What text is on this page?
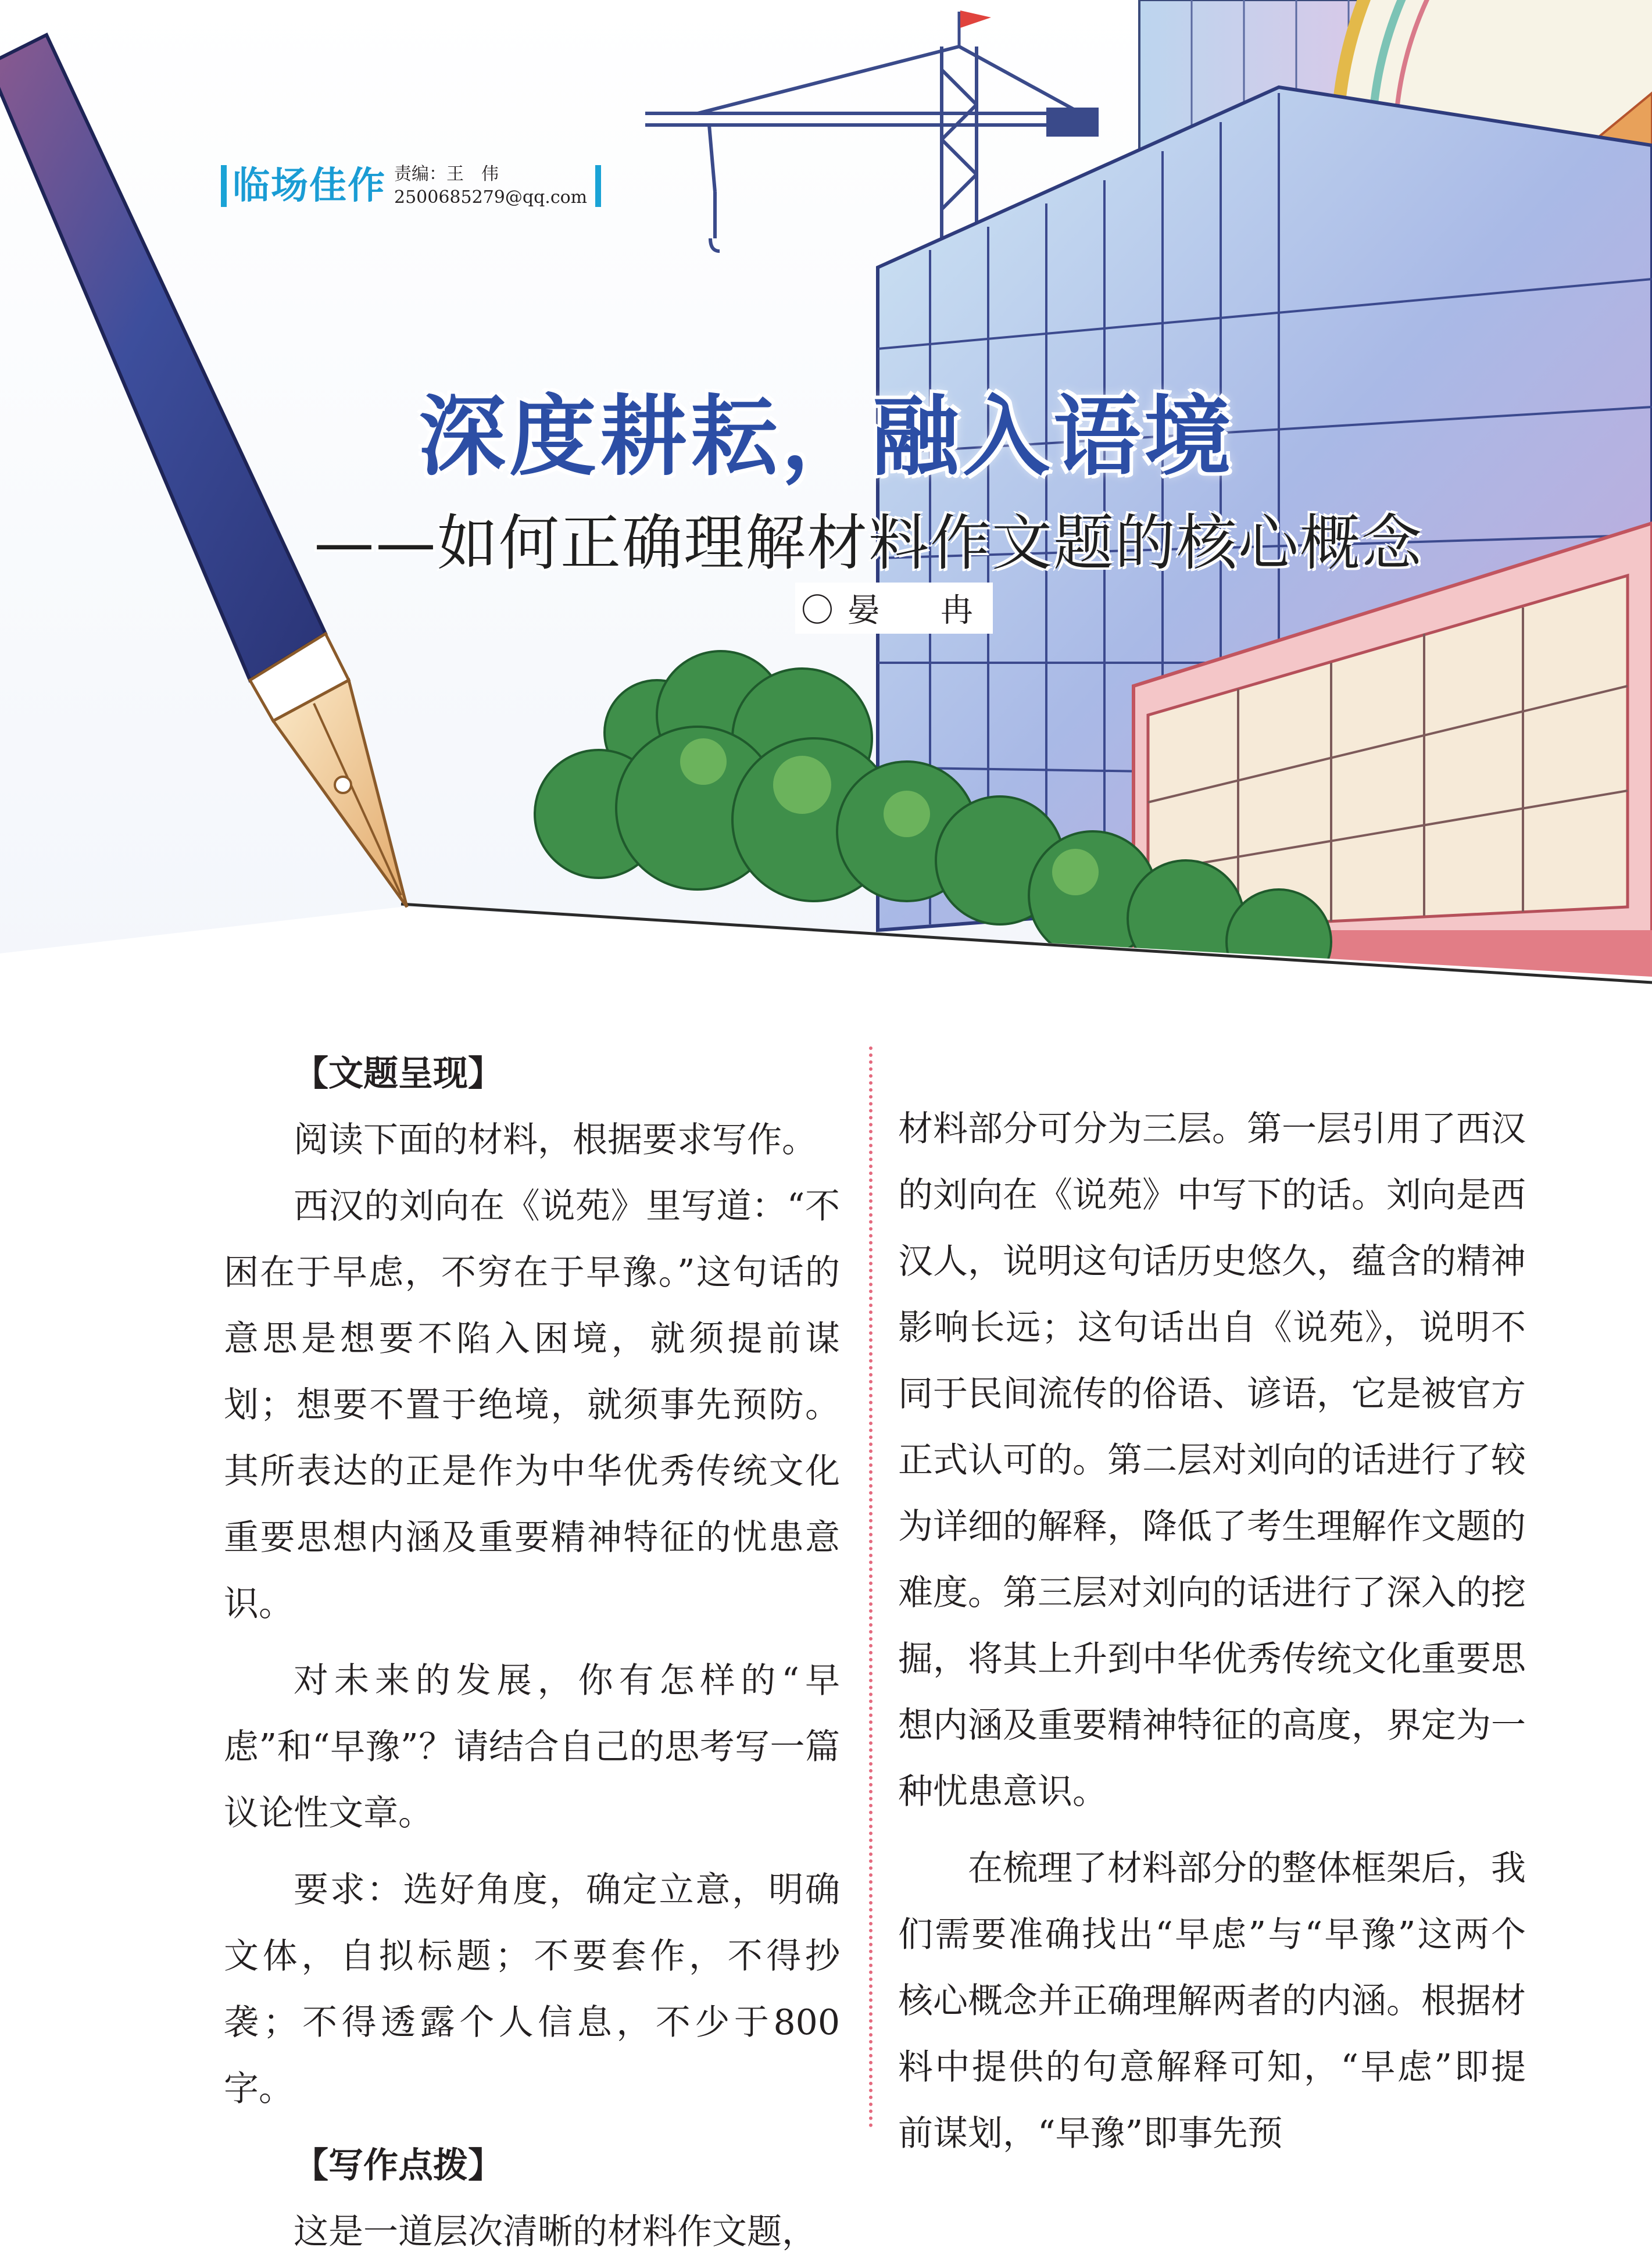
临场佳作 责编：王　伟
2500685279@qq.com
深度耕耘，融入语境
——如何正确理解材料作文题的核心概念
〇晏　冉

【文题呈现】

阅读下面的材料，根据要求写作。

西汉的刘向在《说苑》里写道：“不困在于早虑，不穷在于早豫。”这句话的意思是想要不陷入困境，就须提前谋划；想要不置于绝境，就须事先预防。其所表达的正是作为中华优秀传统文化重要思想内涵及重要精神特征的忧患意识。

对未来的发展，你有怎样的“早虑”和“早豫”？请结合自己的思考写一篇议论性文章。

要求：选好角度，确定立意，明确文体，自拟标题；不要套作，不得抄袭；不得透露个人信息，不少于800字。

【写作点拨】

这是一道层次清晰的材料作文题，

材料部分可分为三层。第一层引用了西汉的刘向在《说苑》中写下的话。刘向是西汉人，说明这句话历史悠久，蕴含的精神影响长远；这句话出自《说苑》，说明不同于民间流传的俗语、谚语，它是被官方正式认可的。第二层对刘向的话进行了较为详细的解释，降低了考生理解作文题的难度。第三层对刘向的话进行了深入的挖掘，将其上升到中华优秀传统文化重要思想内涵及重要精神特征的高度，界定为一种忧患意识。

在梳理了材料部分的整体框架后，我们需要准确找出“早虑”与“早豫”这两个核心概念并正确理解两者的内涵。根据材料中提供的句意解释可知，“早虑”即提前谋划，“早豫”即事先预
